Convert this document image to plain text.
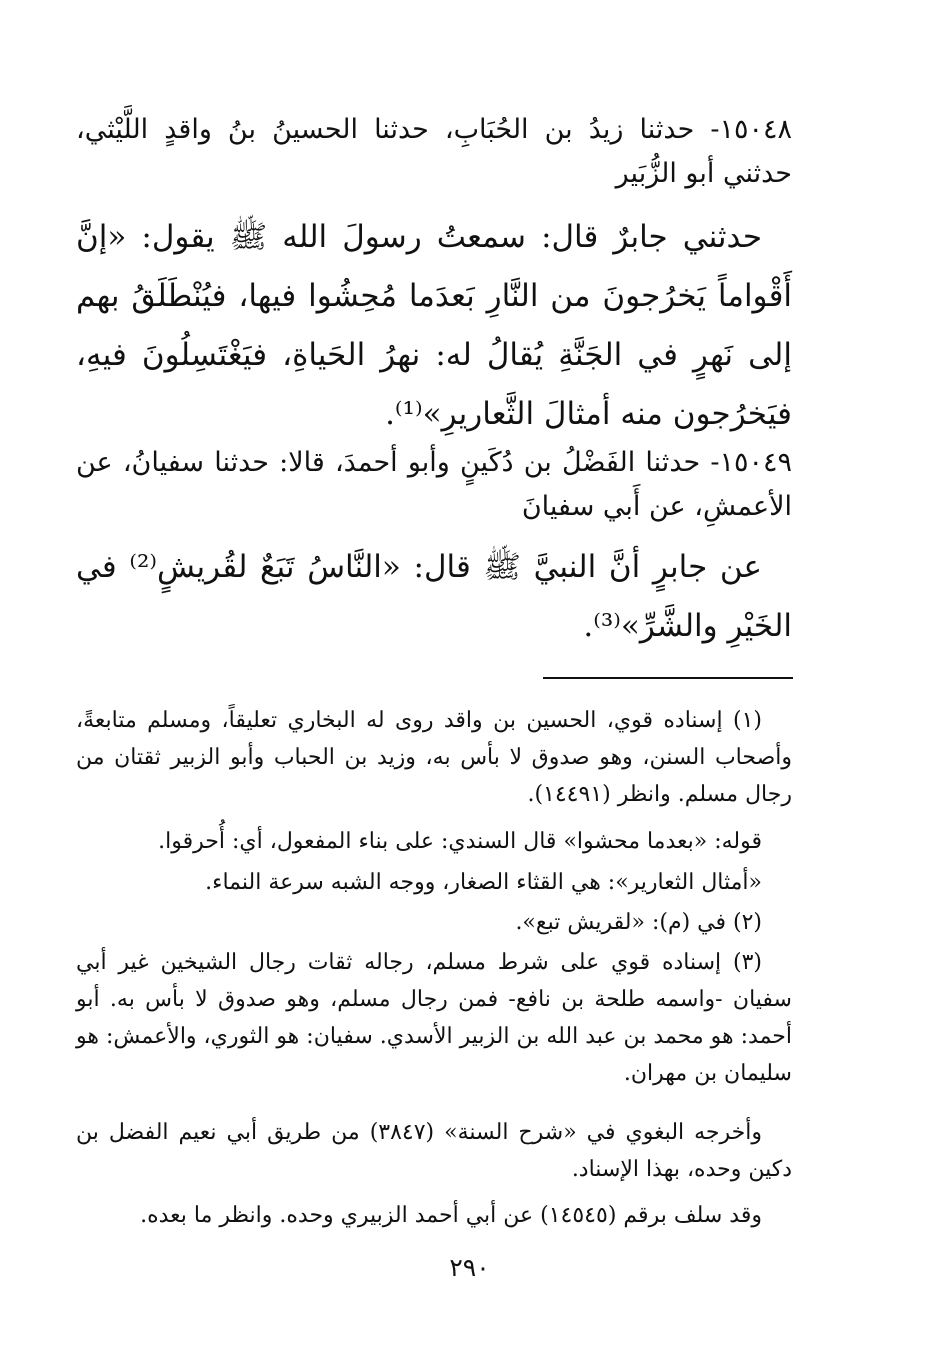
١٥٠٤٨- حدثنا زيدُ بن الحُبَابِ، حدثنا الحسينُ بنُ واقدٍ اللَّيْثي، حدثني أبو الزُّبَير

حدثني جابرٌ قال: سمعتُ رسولَ الله ﷺ يقول: «إنَّ أَقْواماً يَخرُجونَ من النَّارِ بَعدَما مُحِشُوا فيها، فيُنْطَلَقُ بهم إلى نَهرٍ في الجَنَّةِ يُقالُ له: نهرُ الحَياةِ، فيَغْتَسِلُونَ فيهِ، فيَخرُجون منه أمثالَ الثَّعاريرِ»⁽¹⁾.

١٥٠٤٩- حدثنا الفَضْلُ بن دُكَينٍ وأبو أحمدَ، قالا: حدثنا سفيانُ، عن الأعمشِ، عن أَبي سفيانَ

عن جابرٍ أنَّ النبيَّ ﷺ قال: «النَّاسُ تَبَعٌ لقُريشٍ⁽²⁾ في الخَيْرِ والشَّرِّ»⁽³⁾.

(١) إسناده قوي، الحسين بن واقد روى له البخاري تعليقاً، ومسلم متابعةً، وأصحاب السنن، وهو صدوق لا بأس به، وزيد بن الحباب وأبو الزبير ثقتان من رجال مسلم. وانظر (١٤٤٩١).

قوله: «بعدما محشوا» قال السندي: على بناء المفعول، أي: أُحرقوا.

«أمثال الثعارير»: هي القثاء الصغار، ووجه الشبه سرعة النماء.

(٢) في (م): «لقريش تبع».

(٣) إسناده قوي على شرط مسلم، رجاله ثقات رجال الشيخين غير أبي سفيان -واسمه طلحة بن نافع- فمن رجال مسلم، وهو صدوق لا بأس به. أبو أحمد: هو محمد بن عبد الله بن الزبير الأسدي. سفيان: هو الثوري، والأعمش: هو سليمان بن مهران.

وأخرجه البغوي في «شرح السنة» (٣٨٤٧) من طريق أبي نعيم الفضل بن دكين وحده، بهذا الإسناد.

وقد سلف برقم (١٤٥٤٥) عن أبي أحمد الزبيري وحده. وانظر ما بعده.

٢٩٠
